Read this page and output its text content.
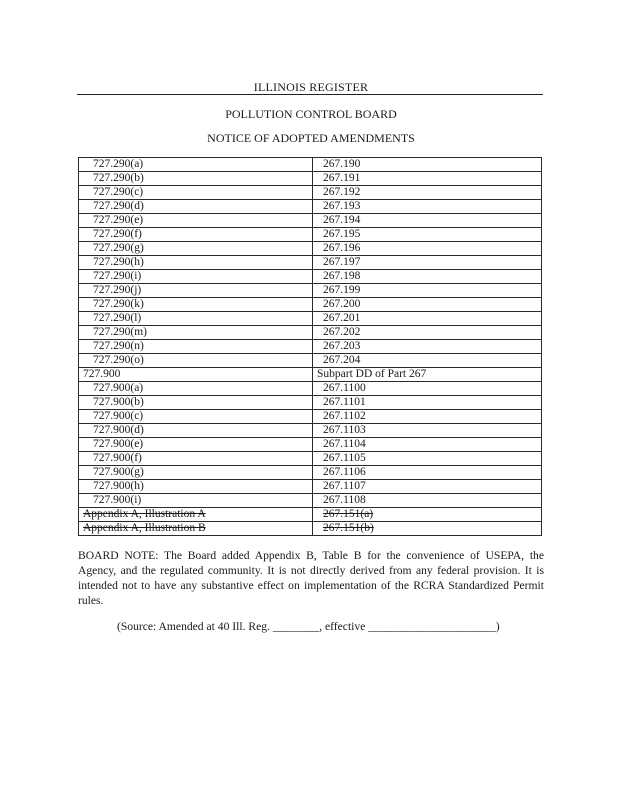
ILLINOIS REGISTER
POLLUTION CONTROL BOARD
NOTICE OF ADOPTED AMENDMENTS
727.290(a)	267.190
727.290(b)	267.191
727.290(c)	267.192
727.290(d)	267.193
727.290(e)	267.194
727.290(f)	267.195
727.290(g)	267.196
727.290(h)	267.197
727.290(i)	267.198
727.290(j)	267.199
727.290(k)	267.200
727.290(l)	267.201
727.290(m)	267.202
727.290(n)	267.203
727.290(o)	267.204
727.900	Subpart DD of Part 267
727.900(a)	267.1100
727.900(b)	267.1101
727.900(c)	267.1102
727.900(d)	267.1103
727.900(e)	267.1104
727.900(f)	267.1105
727.900(g)	267.1106
727.900(h)	267.1107
727.900(i)	267.1108
Appendix A, Illustration A	267.151(a)
Appendix A, Illustration B	267.151(b)
BOARD NOTE: The Board added Appendix B, Table B for the convenience of USEPA, the Agency, and the regulated community. It is not directly derived from any federal provision. It is intended not to have any substantive effect on implementation of the RCRA Standardized Permit rules.
(Source: Amended at 40 Ill. Reg. ________, effective ______________________)
